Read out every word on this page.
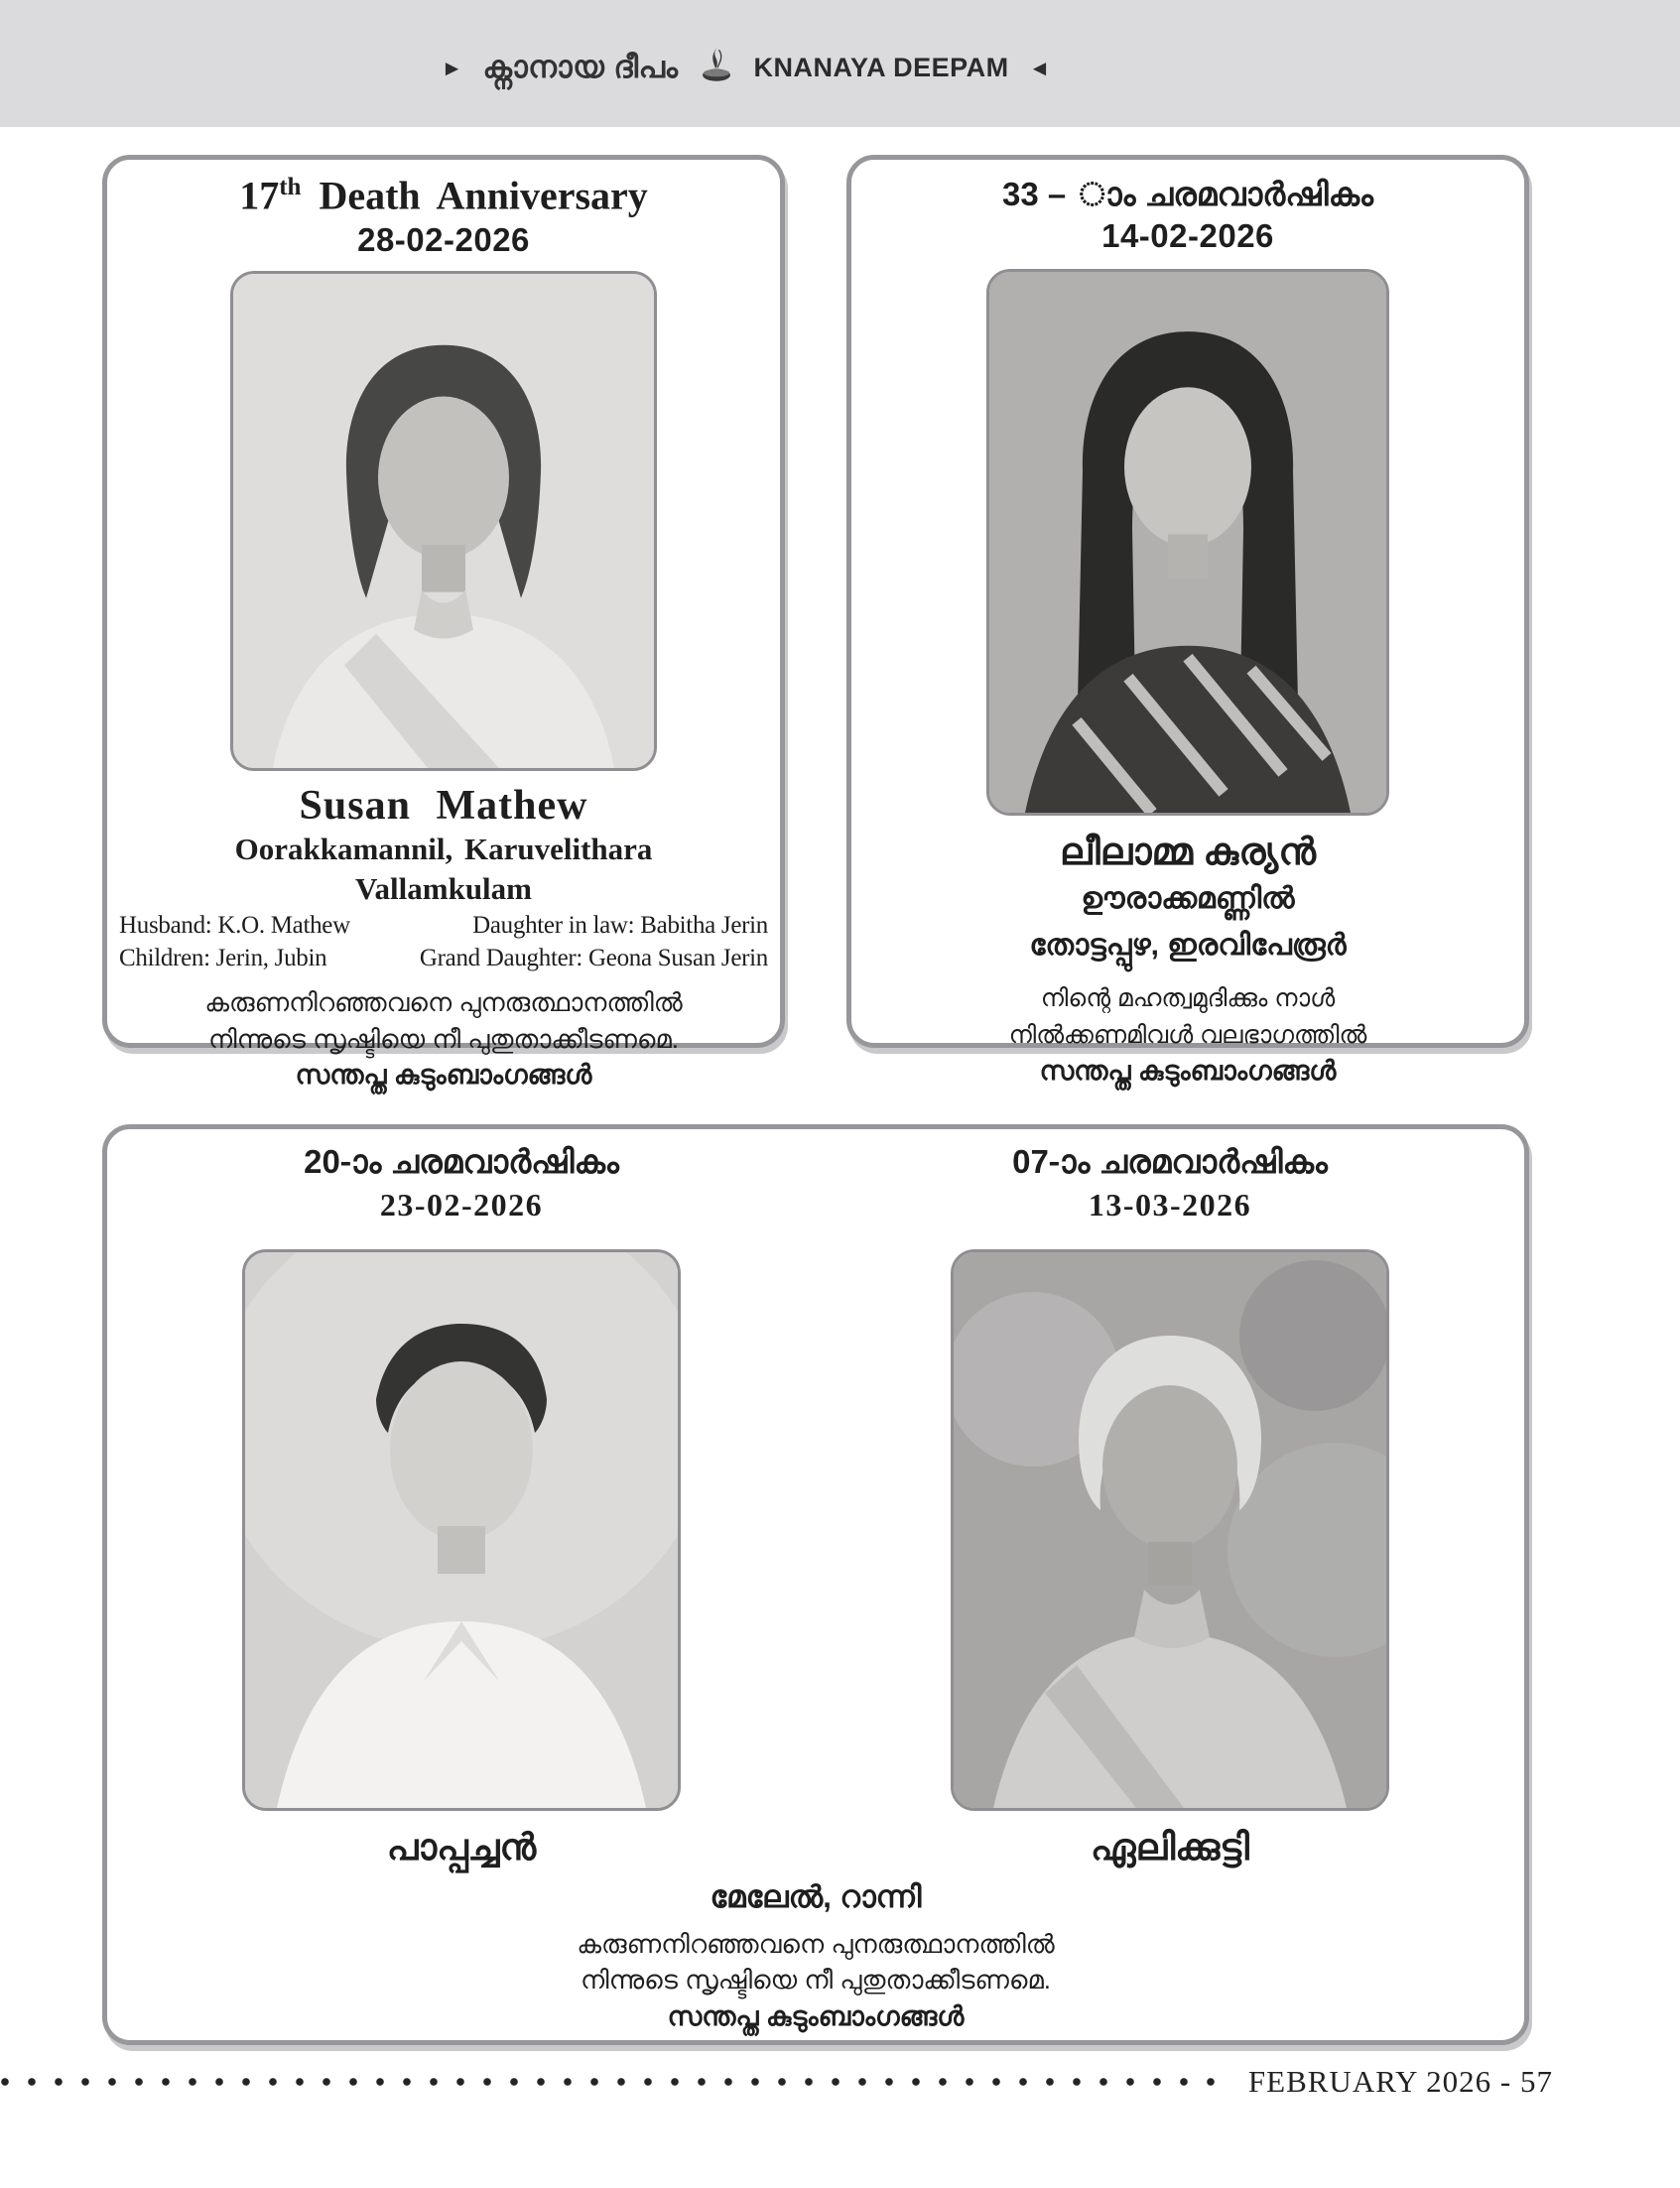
► ക്നാനായ ദീപം	KNANAYA DEEPAM ◄
17th Death Anniversary
28-02-2026
Susan Mathew
Oorakkamannil, Karuvelithara
Vallamkulam
Husband: K.O. Mathew	Daughter in law: Babitha Jerin
Children: Jerin, Jubin	Grand Daughter: Geona Susan Jerin
കരുണനിറഞ്ഞവനെ പുനരുത്ഥാനത്തിൽ
നിന്നുടെ സൃഷ്ടിയെ നീ പുതുതാക്കീടണമെ.
സന്തപ്ത കുടുംബാംഗങ്ങൾ
33 – ാം ചരമവാർഷികം
14-02-2026
ലീലാമ്മ കുര്യൻ
ഊരാക്കമണ്ണിൽ
തോട്ടപ്പുഴ, ഇരവിപേരൂർ
നിന്റെ മഹത്വമുദിക്കും നാൾ
നിൽക്കണമിവൾ വലഭാഗത്തിൽ
സന്തപ്ത കുടുംബാംഗങ്ങൾ
20-ാം ചരമവാർഷികം
23-02-2026
പാപ്പച്ചൻ
07-ാം ചരമവാർഷികം
13-03-2026
ഏലിക്കുട്ടി
മേലേൽ, റാന്നി
കരുണനിറഞ്ഞവനെ പുനരുത്ഥാനത്തിൽ
നിന്നുടെ സൃഷ്ടിയെ നീ പുതുതാക്കീടണമെ.
സന്തപ്ത കുടുംബാംഗങ്ങൾ
FEBRUARY 2026 - 57
